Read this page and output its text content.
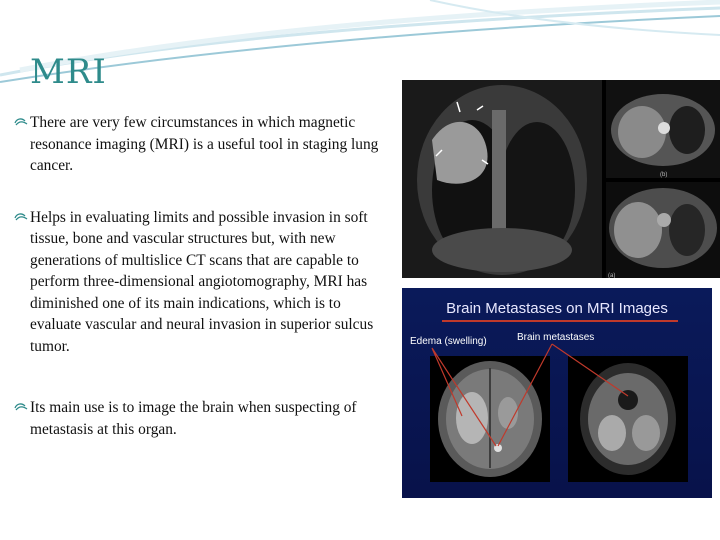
MRI
There are very few circumstances in which magnetic resonance imaging (MRI) is a useful tool in staging lung cancer.
Helps in evaluating limits and possible invasion in soft tissue, bone and vascular structures but, with new generations of multislice CT scans that are capable to perform three-dimensional angiotomography, MRI has diminished one of its main indications, which is to evaluate vascular and neural invasion in superior sulcus tumor.
Its main use is to image the brain when suspecting of metastasis at this organ.
(b)
(a)
Brain Metastases on MRI Images
Edema (swelling)	Brain metastases
